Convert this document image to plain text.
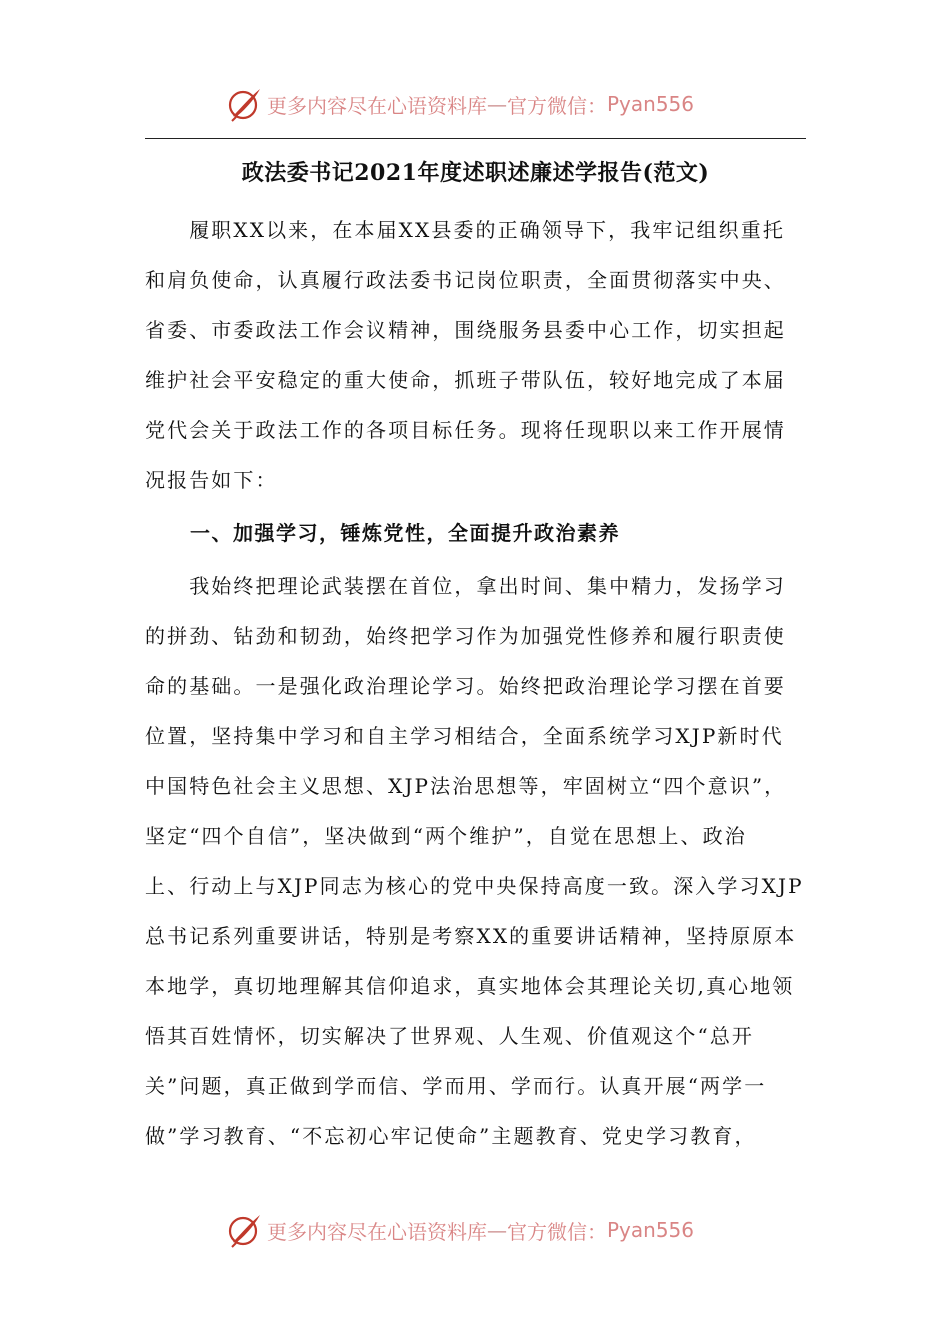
更多内容尽在心语资料库 — 官方微信： Pyan556
政法委书记2021年度述职述廉述学报告(范文)
　　履职XX以来，在本届XX县委的正确领导下，我牢记组织重托
和肩负使命，认真履行政法委书记岗位职责，全面贯彻落实中央、
省委、市委政法工作会议精神，围绕服务县委中心工作，切实担起
维护社会平安稳定的重大使命，抓班子带队伍，较好地完成了本届
党代会关于政法工作的各项目标任务。现将任现职以来工作开展情
况报告如下：
一、加强学习，锤炼党性，全面提升政治素养
　　我始终把理论武装摆在首位，拿出时间、集中精力，发扬学习
的拼劲、钻劲和韧劲，始终把学习作为加强党性修养和履行职责使
命的基础。一是强化政治理论学习。始终把政治理论学习摆在首要
位置，坚持集中学习和自主学习相结合，全面系统学习XJP新时代
中国特色社会主义思想、XJP法治思想等，牢固树立“四个意识”，
坚定“四个自信”，坚决做到“两个维护”，自觉在思想上、政治
上、行动上与XJP同志为核心的党中央保持高度一致。深入学习XJP
总书记系列重要讲话，特别是考察XX的重要讲话精神，坚持原原本
本地学，真切地理解其信仰追求，真实地体会其理论关切,真心地领
悟其百姓情怀，切实解决了世界观、人生观、价值观这个“总开
关”问题，真正做到学而信、学而用、学而行。认真开展“两学一
做”学习教育、“不忘初心牢记使命”主题教育、党史学习教育，
更多内容尽在心语资料库 — 官方微信： Pyan556
